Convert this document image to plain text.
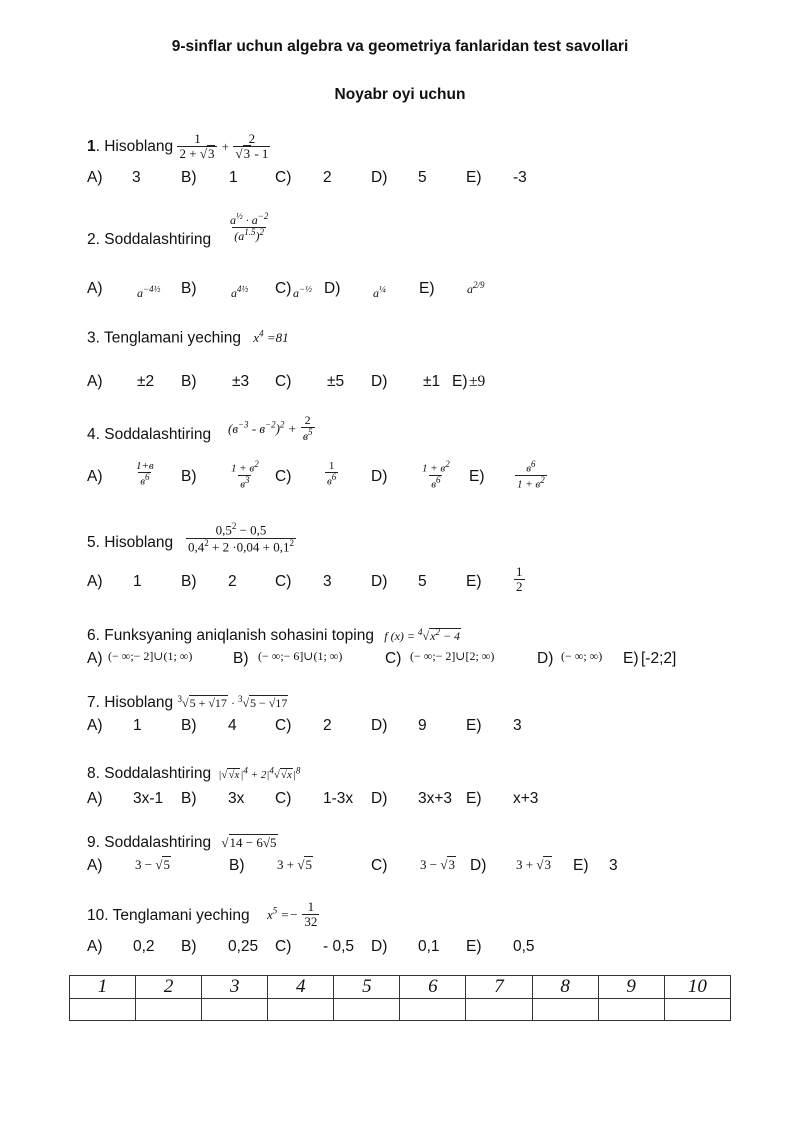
9-sinflar uchun algebra va geometriya fanlaridan test savollari
Noyabr oyi uchun
1. Hisoblang $\frac{1}{2 + √3} + \frac{2}{√3 - 1}$
A) 3	B) 1 C) 2	D) 5	E) -3
2. Soddalashtiring $\frac{a^{\frac{1}{2}} \cdot a^{-2}}{(a^{1.5})^2}$
A)	$a^{-4\frac{1}{2}}$ B)	$a^{4\frac{1}{2}}$ C) $a^{-\frac{1}{2}}$ D)	$a^{\frac{1}{4}}$ E)	$a^{2/9}$
3. Tenglamani yeching $x^4 =81$
A) ±2 B) ±3 C) ±5 D) ±1 E) ±9
4. Soddalashtiring $(в^{-3} - в^{-2})^2 + \frac{2}{в^5}$
A)	$\frac{1+в}{в^6} B$)	$\frac{1 + в^2}{в^3} C$)	$\frac{1}{в^6} D$)	$\frac{1 + в^2}{в^6} E$)	$\frac{в^6}{1 + в^2}$
5. Hisoblang $\frac{0,5^2 - 0,5}{0,4^2 + 2 \cdot 0,04 + 0,1^2}$
A) 1	B) 2 C) 3	D) 5	E)	$\frac{1}{2}$
6. Funksyaning aniqlanish sohasini toping f $(x) = ^4√x^2 - 4$
A) (− ∞;− 2]∪(1; ∞)	B) (− ∞;− 6]∪(1; ∞)	C) (− ∞;− 2]∪[2; ∞)	D) (− ∞; ∞) E) [-2;2]
7. Hisoblang $^3$√5 + √17 · $^3$√5 − √17
A) 1	B) 4 C) 2	D) 9	E) 3
8. Soddalashtiring $|√√x|^4 + 2|^4√√x|^8$
A) 3x-1 B) 3x C) 1-3x D) 3x+3 E) x+3
9. Soddalashtiring √14 − 6√5
A)	3 − √5	B)	3 + √5	C)	3 − √3 D) 3 + √3 E) 3
10. Tenglamani yeching $x^5 =- \frac{1}{32}$
A) 0,2 B) 0,25 C) - 0,5 D) 0,1 E) 0,5
1	2	3	4	5	6	7	8	9	10
